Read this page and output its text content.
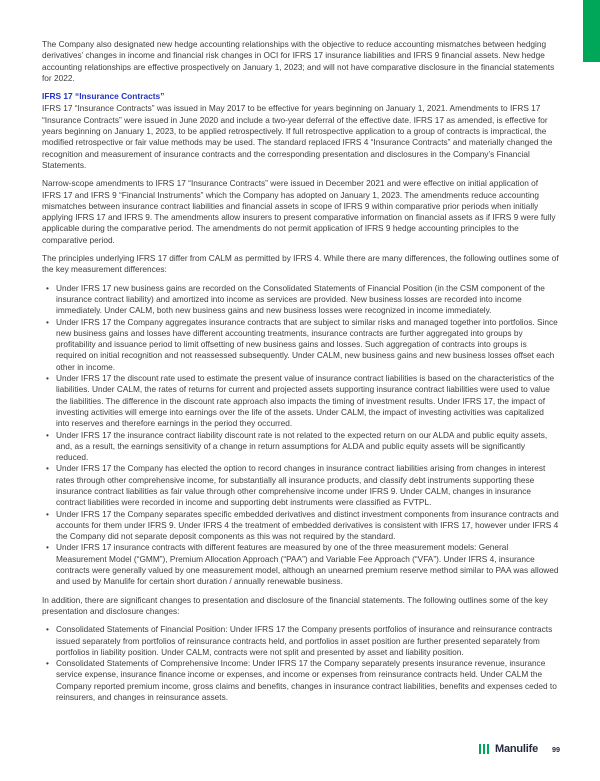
The Company also designated new hedge accounting relationships with the objective to reduce accounting mismatches between hedging derivatives’ changes in income and financial risk changes in OCI for IFRS 17 insurance liabilities and IFRS 9 financial assets. New hedge accounting relationships are effective prospectively on January 1, 2023; and will not have comparative disclosure in the financial statements for 2022.

IFRS 17 “Insurance Contracts”

IFRS 17 “Insurance Contracts” was issued in May 2017 to be effective for years beginning on January 1, 2021. Amendments to IFRS 17 “Insurance Contracts” were issued in June 2020 and include a two-year deferral of the effective date. IFRS 17 as amended, is effective for years beginning on January 1, 2023, to be applied retrospectively. If full retrospective application to a group of contracts is impractical, the modified retrospective or fair value methods may be used. The standard replaced IFRS 4 “Insurance Contracts” and materially changed the recognition and measurement of insurance contracts and the corresponding presentation and disclosures in the Company’s Financial Statements.

Narrow-scope amendments to IFRS 17 “Insurance Contracts” were issued in December 2021 and were effective on initial application of IFRS 17 and IFRS 9 “Financial Instruments” which the Company has adopted on January 1, 2023. The amendments reduce accounting mismatches between insurance contract liabilities and financial assets in scope of IFRS 9 within comparative prior periods when initially applying IFRS 17 and IFRS 9. The amendments allow insurers to present comparative information on financial assets as if IFRS 9 were fully applicable during the comparative period. The amendments do not permit application of IFRS 9 hedge accounting principles to the comparative period.

The principles underlying IFRS 17 differ from CALM as permitted by IFRS 4. While there are many differences, the following outlines some of the key measurement differences:

• Under IFRS 17 new business gains are recorded on the Consolidated Statements of Financial Position (in the CSM component of the insurance contract liability) and amortized into income as services are provided. New business losses are recorded into income immediately. Under CALM, both new business gains and new business losses were recognized in income immediately.
• Under IFRS 17 the Company aggregates insurance contracts that are subject to similar risks and managed together into portfolios. Since new business gains and losses have different accounting treatments, insurance contracts are further aggregated into groups by profitability and issuance period to limit offsetting of new business gains and losses. Such aggregation of contracts into groups is required on initial recognition and not reassessed subsequently. Under CALM, new business gains and new business losses offset each other in income.
• Under IFRS 17 the discount rate used to estimate the present value of insurance contract liabilities is based on the characteristics of the liabilities. Under CALM, the rates of returns for current and projected assets supporting insurance contract liabilities were used to value the liabilities. The difference in the discount rate approach also impacts the timing of investment results. Under IFRS 17, the impact of investing activities will emerge into earnings over the life of the assets. Under CALM, the impact of investing activities was capitalized into reserves and therefore earnings in the period they occurred.
• Under IFRS 17 the insurance contract liability discount rate is not related to the expected return on our ALDA and public equity assets, and, as a result, the earnings sensitivity of a change in return assumptions for ALDA and public equity assets will be significantly reduced.
• Under IFRS 17 the Company has elected the option to record changes in insurance contract liabilities arising from changes in interest rates through other comprehensive income, for substantially all insurance products, and classify debt instruments supporting these insurance contract liabilities as fair value through other comprehensive income under IFRS 9. Under CALM, changes in insurance contract liabilities were recorded in income and supporting debt instruments were classified as FVTPL.
• Under IFRS 17 the Company separates specific embedded derivatives and distinct investment components from insurance contracts and accounts for them under IFRS 9. Under IFRS 4 the treatment of embedded derivatives is consistent with IFRS 17, however under IFRS 4 the Company did not separate deposit components as this was not required by the standard.
• Under IFRS 17 insurance contracts with different features are measured by one of the three measurement models: General Measurement Model (“GMM”), Premium Allocation Approach (“PAA”) and Variable Fee Approach (“VFA”). Under IFRS 4, insurance contracts were generally valued by one measurement model, although an unearned premium reserve method similar to PAA was allowed and used by Manulife for certain short duration / annually renewable business.

In addition, there are significant changes to presentation and disclosure of the financial statements. The following outlines some of the key presentation and disclosure changes:

• Consolidated Statements of Financial Position: Under IFRS 17 the Company presents portfolios of insurance and reinsurance contracts issued separately from portfolios of reinsurance contracts held, and portfolios in asset position are further presented separately from portfolios in liability position. Under CALM, contracts were not split and presented by asset and liability position.
• Consolidated Statements of Comprehensive Income: Under IFRS 17 the Company separately presents insurance revenue, insurance service expense, insurance finance income or expenses, and income or expenses from reinsurance contracts held. Under CALM the Company reported premium income, gross claims and benefits, changes in insurance contract liabilities, benefits and expenses ceded to reinsurers, and changes in reinsurance assets.
Manulife 99
